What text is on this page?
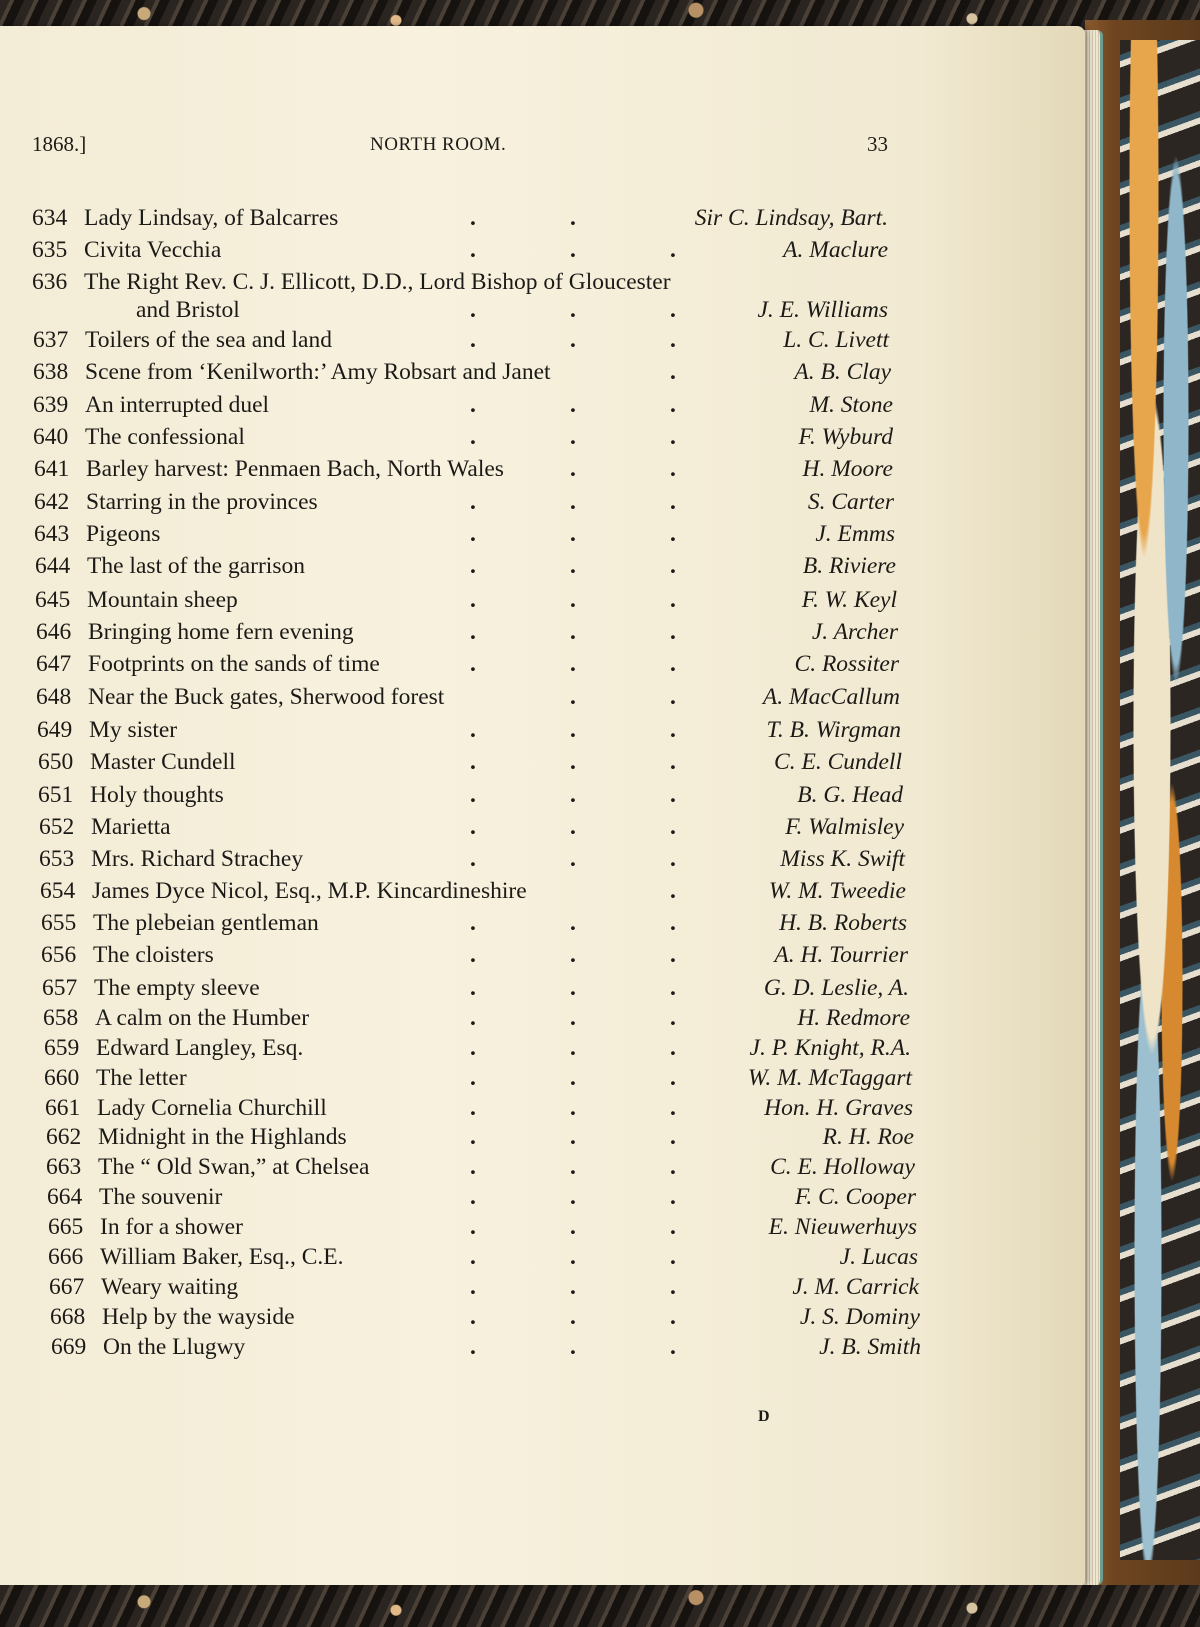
1868.]	NORTH ROOM.	33
634 Lady Lindsay, of Balcarres	.	.	Sir C. Lindsay, Bart.
635 Civita Vecchia	.	.	.	A. Maclure
636 The Right Rev. C. J. Ellicott, D.D., Lord Bishop of Gloucester
and Bristol	.	.	.	J. E. Williams
637 Toilers of the sea and land	.	.	.	L. C. Livett
638 Scene from ‘Kenilworth:’ Amy Robsart and Janet	.	A. B. Clay
639 An interrupted duel	.	.	.	M. Stone
640 The confessional	.	.	.	F. Wyburd
641 Barley harvest: Penmaen Bach, North Wales	.	.	H. Moore
642 Starring in the provinces	.	.	.	S. Carter
643 Pigeons	.	.	.	J. Emms
644 The last of the garrison	.	.	.	B. Riviere
645 Mountain sheep	.	.	.	F. W. Keyl
646 Bringing home fern evening	.	.	.	J. Archer
647 Footprints on the sands of time	.	.	.	C. Rossiter
648 Near the Buck gates, Sherwood forest	.	.	A. MacCallum
649 My sister	.	.	.	T. B. Wirgman
650 Master Cundell	.	.	.	C. E. Cundell
651 Holy thoughts	.	.	.	B. G. Head
652 Marietta	.	.	.	F. Walmisley
653 Mrs. Richard Strachey	.	.	.	Miss K. Swift
654 James Dyce Nicol, Esq., M.P. Kincardineshire	.	W. M. Tweedie
655 The plebeian gentleman	.	.	.	H. B. Roberts
656 The cloisters	.	.	.	A. H. Tourrier
657 The empty sleeve	.	.	.	G. D. Leslie, A.
658 A calm on the Humber	.	.	.	H. Redmore
659 Edward Langley, Esq.	.	.	.	J. P. Knight, R.A.
660 The letter	.	.	.	W. M. McTaggart
661 Lady Cornelia Churchill	.	.	.	Hon. H. Graves
662 Midnight in the Highlands	.	.	.	R. H. Roe
663 The “ Old Swan,” at Chelsea	.	.	.	C. E. Holloway
664 The souvenir	.	.	.	F. C. Cooper
665 In for a shower	.	.	.	E. Nieuwerhuys
666 William Baker, Esq., C.E.	.	.	.	J. Lucas
667 Weary waiting	.	.	.	J. M. Carrick
668 Help by the wayside	.	.	.	J. S. Dominy
669 On the Llugwy	.	.	.	J. B. Smith
D
